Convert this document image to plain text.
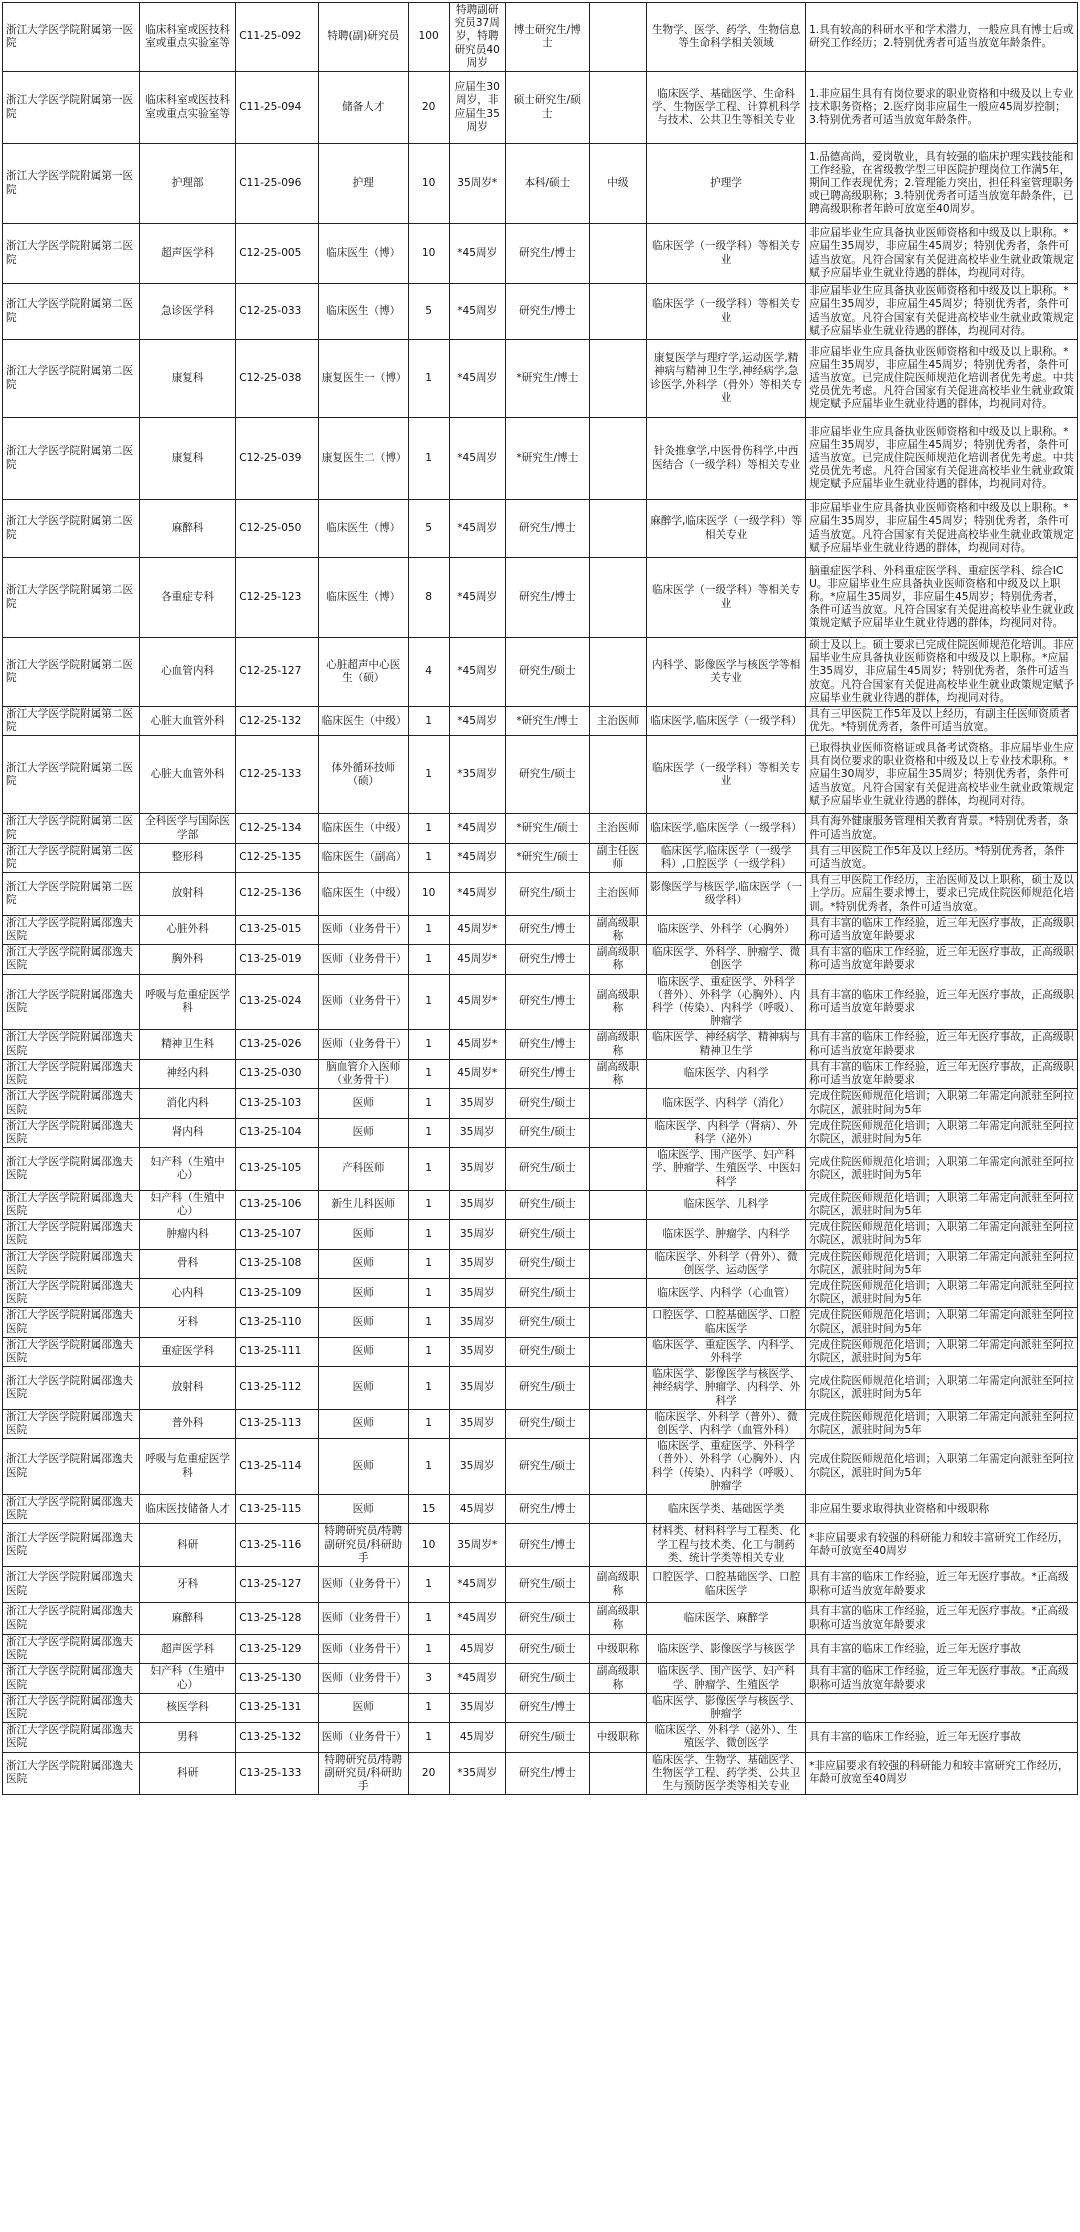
浙江大学医学院附属第一医院	临床科室或医技科室或重点实验室等	C11-25-092	特聘(副)研究员	100	特聘副研究员37周岁，特聘研究员40周岁	博士研究生/博士		生物学、医学、药学、生物信息等生命科学相关领域	1.具有较高的科研水平和学术潜力，一般应具有博士后或研究工作经历；2.特别优秀者可适当放宽年龄条件。
浙江大学医学院附属第一医院	临床科室或医技科室或重点实验室等	C11-25-094	储备人才	20	应届生30周岁，非应届生35周岁	硕士研究生/硕士		临床医学、基础医学、生命科学、生物医学工程、计算机科学与技术、公共卫生等相关专业	1.非应届生具有有岗位要求的职业资格和中级及以上专业技术职务资格；2.医疗岗非应届生一般应45周岁控制；3.特别优秀者可适当放宽年龄条件。
浙江大学医学院附属第一医院	护理部	C11-25-096	护理	10	35周岁*	本科/硕士	中级	护理学	1.品德高尚，爱岗敬业，具有较强的临床护理实践技能和工作经验，在省级教学型三甲医院护理岗位工作满5年，期间工作表现优秀；2.管理能力突出，担任科室管理职务或已聘高级职称；3.特别优秀者可适当放宽年龄条件，已聘高级职称者年龄可放宽至40周岁。
浙江大学医学院附属第二医院	超声医学科	C12-25-005	临床医生（博）	10	*45周岁	研究生/博士		临床医学（一级学科）等相关专业	非应届毕业生应具备执业医师资格和中级及以上职称。*应届生35周岁，非应届生45周岁；特别优秀者，条件可适当放宽。凡符合国家有关促进高校毕业生就业政策规定赋予应届毕业生就业待遇的群体，均视同对待。
浙江大学医学院附属第二医院	急诊医学科	C12-25-033	临床医生（博）	5	*45周岁	研究生/博士		临床医学（一级学科）等相关专业	非应届毕业生应具备执业医师资格和中级及以上职称。*应届生35周岁，非应届生45周岁；特别优秀者，条件可适当放宽。凡符合国家有关促进高校毕业生就业政策规定赋予应届毕业生就业待遇的群体，均视同对待。
浙江大学医学院附属第二医院	康复科	C12-25-038	康复医生一（博）	1	*45周岁	*研究生/博士		康复医学与理疗学,运动医学,精神病与精神卫生学,神经病学,急诊医学,外科学（骨外）等相关专业	非应届毕业生应具备执业医师资格和中级及以上职称。*应届生35周岁，非应届生45周岁；特别优秀者，条件可适当放宽。已完成住院医师规范化培训者优先考虑。中共党员优先考虑。凡符合国家有关促进高校毕业生就业政策规定赋予应届毕业生就业待遇的群体，均视同对待。
浙江大学医学院附属第二医院	康复科	C12-25-039	康复医生二（博）	1	*45周岁	*研究生/博士		针灸推拿学,中医骨伤科学,中西医结合（一级学科）等相关专业	非应届毕业生应具备执业医师资格和中级及以上职称。*应届生35周岁，非应届生45周岁；特别优秀者，条件可适当放宽。已完成住院医师规范化培训者优先考虑。中共党员优先考虑。凡符合国家有关促进高校毕业生就业政策规定赋予应届毕业生就业待遇的群体，均视同对待。
浙江大学医学院附属第二医院	麻醉科	C12-25-050	临床医生（博）	5	*45周岁	研究生/博士		麻醉学,临床医学（一级学科）等相关专业	非应届毕业生应具备执业医师资格和中级及以上职称。*应届生35周岁，非应届生45周岁；特别优秀者，条件可适当放宽。凡符合国家有关促进高校毕业生就业政策规定赋予应届毕业生就业待遇的群体，均视同对待。
浙江大学医学院附属第二医院	各重症专科	C12-25-123	临床医生（博）	8	*45周岁	研究生/博士		临床医学（一级学科）等相关专业	脑重症医学科、外科重症医学科、重症医学科、综合ICU。非应届毕业生应具备执业医师资格和中级及以上职称。*应届生35周岁，非应届生45周岁；特别优秀者，条件可适当放宽。凡符合国家有关促进高校毕业生就业政策规定赋予应届毕业生就业待遇的群体，均视同对待。
浙江大学医学院附属第二医院	心血管内科	C12-25-127	心脏超声中心医生（硕）	4	*45周岁	研究生/硕士		内科学、影像医学与核医学等相关专业	硕士及以上。硕士要求已完成住院医师规范化培训。非应届毕业生应具备执业医师资格和中级及以上职称。*应届生35周岁，非应届生45周岁；特别优秀者，条件可适当放宽。凡符合国家有关促进高校毕业生就业政策规定赋予应届毕业生就业待遇的群体，均视同对待。
浙江大学医学院附属第二医院	心脏大血管外科	C12-25-132	临床医生（中级）	1	*45周岁	*研究生/博士	主治医师	临床医学,临床医学（一级学科）	具有三甲医院工作5年及以上经历，有副主任医师资质者优先。*特别优秀者，条件可适当放宽。
浙江大学医学院附属第二医院	心脏大血管外科	C12-25-133	体外循环技师（硕）	1	*35周岁	研究生/硕士		临床医学（一级学科）等相关专业	已取得执业医师资格证或具备考试资格。非应届毕业生应具有岗位要求的职业资格和中级及以上专业技术职称。*应届生30周岁，非应届生35周岁；特别优秀者，条件可适当放宽。凡符合国家有关促进高校毕业生就业政策规定赋予应届毕业生就业待遇的群体，均视同对待。
浙江大学医学院附属第二医院	全科医学与国际医学部	C12-25-134	临床医生（中级）	1	*45周岁	*研究生/硕士	主治医师	临床医学,临床医学（一级学科）	具有海外健康服务管理相关教育背景。*特别优秀者，条件可适当放宽。
浙江大学医学院附属第二医院	整形科	C12-25-135	临床医生（副高）	1	*45周岁	*研究生/硕士	副主任医师	临床医学,临床医学（一级学科）,口腔医学（一级学科）	具有三甲医院工作5年及以上经历。*特别优秀者，条件可适当放宽。
浙江大学医学院附属第二医院	放射科	C12-25-136	临床医生（中级）	10	*45周岁	研究生/硕士	主治医师	影像医学与核医学,临床医学（一级学科）	具有三甲医院工作经历，主治医师及以上职称，硕士及以上学历。应届生要求博士，要求已完成住院医师规范化培训。*特别优秀者，条件可适当放宽。
浙江大学医学院附属邵逸夫医院	心脏外科	C13-25-015	医师（业务骨干）	1	45周岁*	研究生/博士	副高级职称	临床医学、外科学（心胸外）	具有丰富的临床工作经验，近三年无医疗事故，正高级职称可适当放宽年龄要求
浙江大学医学院附属邵逸夫医院	胸外科	C13-25-019	医师（业务骨干）	1	45周岁*	研究生/博士	副高级职称	临床医学、外科学、肿瘤学、微创医学	具有丰富的临床工作经验，近三年无医疗事故，正高级职称可适当放宽年龄要求
浙江大学医学院附属邵逸夫医院	呼吸与危重症医学科	C13-25-024	医师（业务骨干）	1	45周岁*	研究生/博士	副高级职称	临床医学、重症医学、外科学（普外）、外科学（心胸外）、内科学（传染）、内科学（呼吸）、肿瘤学	具有丰富的临床工作经验，近三年无医疗事故，正高级职称可适当放宽年龄要求
浙江大学医学院附属邵逸夫医院	精神卫生科	C13-25-026	医师（业务骨干）	1	45周岁*	研究生/博士	副高级职称	临床医学、神经病学、精神病与精神卫生学	具有丰富的临床工作经验，近三年无医疗事故，正高级职称可适当放宽年龄要求
浙江大学医学院附属邵逸夫医院	神经内科	C13-25-030	脑血管介入医师（业务骨干）	1	45周岁*	研究生/博士	副高级职称	临床医学、内科学	具有丰富的临床工作经验，近三年无医疗事故，正高级职称可适当放宽年龄要求
浙江大学医学院附属邵逸夫医院	消化内科	C13-25-103	医师	1	35周岁	研究生/硕士		临床医学、内科学（消化）	完成住院医师规范化培训；入职第二年需定向派驻至阿拉尔院区，派驻时间为5年
浙江大学医学院附属邵逸夫医院	肾内科	C13-25-104	医师	1	35周岁	研究生/硕士		临床医学、内科学（肾病）、外科学（泌外）	完成住院医师规范化培训；入职第二年需定向派驻至阿拉尔院区，派驻时间为5年
浙江大学医学院附属邵逸夫医院	妇产科（生殖中心）	C13-25-105	产科医师	1	35周岁	研究生/硕士		临床医学、围产医学、妇产科学、肿瘤学、生殖医学、中医妇科学	完成住院医师规范化培训；入职第二年需定向派驻至阿拉尔院区，派驻时间为5年
浙江大学医学院附属邵逸夫医院	妇产科（生殖中心）	C13-25-106	新生儿科医师	1	35周岁	研究生/硕士		临床医学、儿科学	完成住院医师规范化培训；入职第二年需定向派驻至阿拉尔院区，派驻时间为5年
浙江大学医学院附属邵逸夫医院	肿瘤内科	C13-25-107	医师	1	35周岁	研究生/硕士		临床医学、肿瘤学、内科学	完成住院医师规范化培训；入职第二年需定向派驻至阿拉尔院区，派驻时间为5年
浙江大学医学院附属邵逸夫医院	骨科	C13-25-108	医师	1	35周岁	研究生/硕士		临床医学、外科学（骨外）、微创医学、运动医学	完成住院医师规范化培训；入职第二年需定向派驻至阿拉尔院区，派驻时间为5年
浙江大学医学院附属邵逸夫医院	心内科	C13-25-109	医师	1	35周岁	研究生/硕士		临床医学、内科学（心血管）	完成住院医师规范化培训；入职第二年需定向派驻至阿拉尔院区，派驻时间为5年
浙江大学医学院附属邵逸夫医院	牙科	C13-25-110	医师	1	35周岁	研究生/硕士		口腔医学、口腔基础医学、口腔临床医学	完成住院医师规范化培训；入职第二年需定向派驻至阿拉尔院区，派驻时间为5年
浙江大学医学院附属邵逸夫医院	重症医学科	C13-25-111	医师	1	35周岁	研究生/硕士		临床医学、重症医学、内科学、外科学	完成住院医师规范化培训；入职第二年需定向派驻至阿拉尔院区，派驻时间为5年
浙江大学医学院附属邵逸夫医院	放射科	C13-25-112	医师	1	35周岁	研究生/硕士		临床医学、影像医学与核医学、神经病学、肿瘤学、内科学、外科学	完成住院医师规范化培训；入职第二年需定向派驻至阿拉尔院区，派驻时间为5年
浙江大学医学院附属邵逸夫医院	普外科	C13-25-113	医师	1	35周岁	研究生/硕士		临床医学、外科学（普外）、微创医学、内科学（血管外科）	完成住院医师规范化培训；入职第二年需定向派驻至阿拉尔院区，派驻时间为5年
浙江大学医学院附属邵逸夫医院	呼吸与危重症医学科	C13-25-114	医师	1	35周岁	研究生/硕士		临床医学、重症医学、外科学（普外）、外科学（心胸外）、内科学（传染）、内科学（呼吸）、肿瘤学	完成住院医师规范化培训；入职第二年需定向派驻至阿拉尔院区，派驻时间为5年
浙江大学医学院附属邵逸夫医院	临床医技储备人才	C13-25-115	医师	15	45周岁	研究生/博士		临床医学类、基础医学类	非应届生要求取得执业资格和中级职称
浙江大学医学院附属邵逸夫医院	科研	C13-25-116	特聘研究员/特聘副研究员/科研助手	10	35周岁*	研究生/博士		材料类、材料科学与工程类、化学工程与技术类、化工与制药类、统计学类等相关专业	*非应届要求有较强的科研能力和较丰富研究工作经历，年龄可放宽至40周岁
浙江大学医学院附属邵逸夫医院	牙科	C13-25-127	医师（业务骨干）	1	*45周岁	研究生/硕士	副高级职称	口腔医学、口腔基础医学、口腔临床医学	具有丰富的临床工作经验，近三年无医疗事故。*正高级职称可适当放宽年龄要求
浙江大学医学院附属邵逸夫医院	麻醉科	C13-25-128	医师（业务骨干）	1	*45周岁	研究生/硕士	副高级职称	临床医学、麻醉学	具有丰富的临床工作经验，近三年无医疗事故。*正高级职称可适当放宽年龄要求
浙江大学医学院附属邵逸夫医院	超声医学科	C13-25-129	医师（业务骨干）	1	45周岁	研究生/硕士	中级职称	临床医学、影像医学与核医学	具有丰富的临床工作经验，近三年无医疗事故
浙江大学医学院附属邵逸夫医院	妇产科（生殖中心）	C13-25-130	医师（业务骨干）	3	*45周岁	研究生/硕士	副高级职称	临床医学、围产医学、妇产科学、肿瘤学、生殖医学	具有丰富的临床工作经验，近三年无医疗事故。*正高级职称可适当放宽年龄要求
浙江大学医学院附属邵逸夫医院	核医学科	C13-25-131	医师	1	35周岁	研究生/博士		临床医学、影像医学与核医学、肿瘤学	
浙江大学医学院附属邵逸夫医院	男科	C13-25-132	医师（业务骨干）	1	45周岁	研究生/硕士	中级职称	临床医学、外科学（泌外）、生殖医学、微创医学	具有丰富的临床工作经验，近三年无医疗事故
浙江大学医学院附属邵逸夫医院	科研	C13-25-133	特聘研究员/特聘副研究员/科研助手	20	*35周岁	研究生/博士		临床医学、生物学、基础医学、生物医学工程、药学类、公共卫生与预防医学类等相关专业	*非应届要求有较强的科研能力和较丰富研究工作经历，年龄可放宽至40周岁
